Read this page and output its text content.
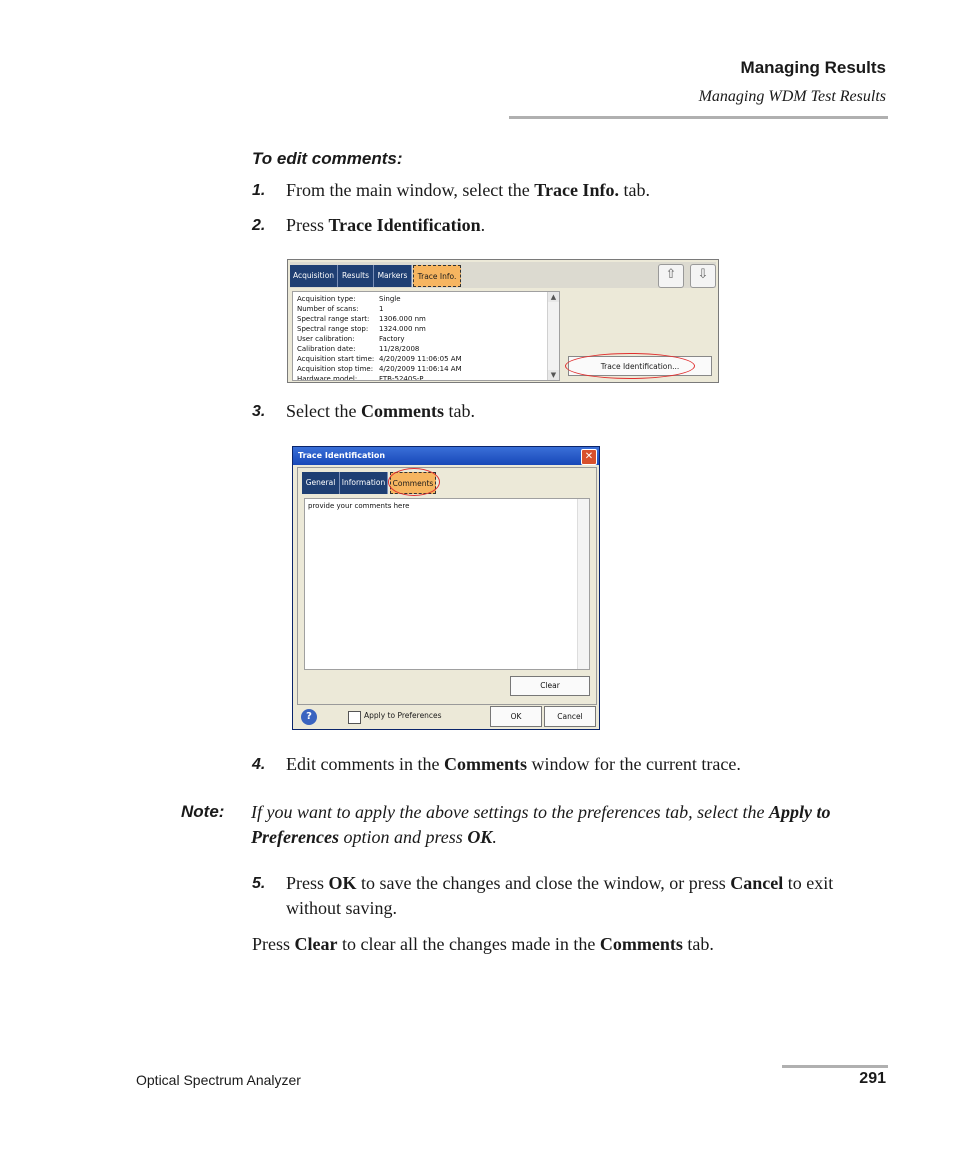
Managing Results
Managing WDM Test Results
To edit comments:
1. From the main window, select the Trace Info. tab.
2. Press Trace Identification.
Acquisition	Results	Markers	Trace Info.	⇧	⇩
Acquisition type:	Single
Number of scans:	1
Spectral range start: 1306.000 nm
Spectral range stop: 1324.000 nm
User calibration:	Factory
Calibration date:	11/28/2008
Acquisition start time: 4/20/2009 11:06:05 AM
Acquisition stop time: 4/20/2009 11:06:14 AM
Hardware model:	FTB-5240S-P
▲
▼
Trace Identification...
3. Select the Comments tab.
Trace Identification	✕
General Information Comments
provide your comments here
Clear
?	Apply to Preferences	OK	Cancel
4. Edit comments in the Comments window for the current trace.
Note: If you want to apply the above settings to the preferences tab, select the Apply to Preferences option and press OK.
5. Press OK to save the changes and close the window, or press Cancel to exit without saving.
Press Clear to clear all the changes made in the Comments tab.
Optical Spectrum Analyzer	291
